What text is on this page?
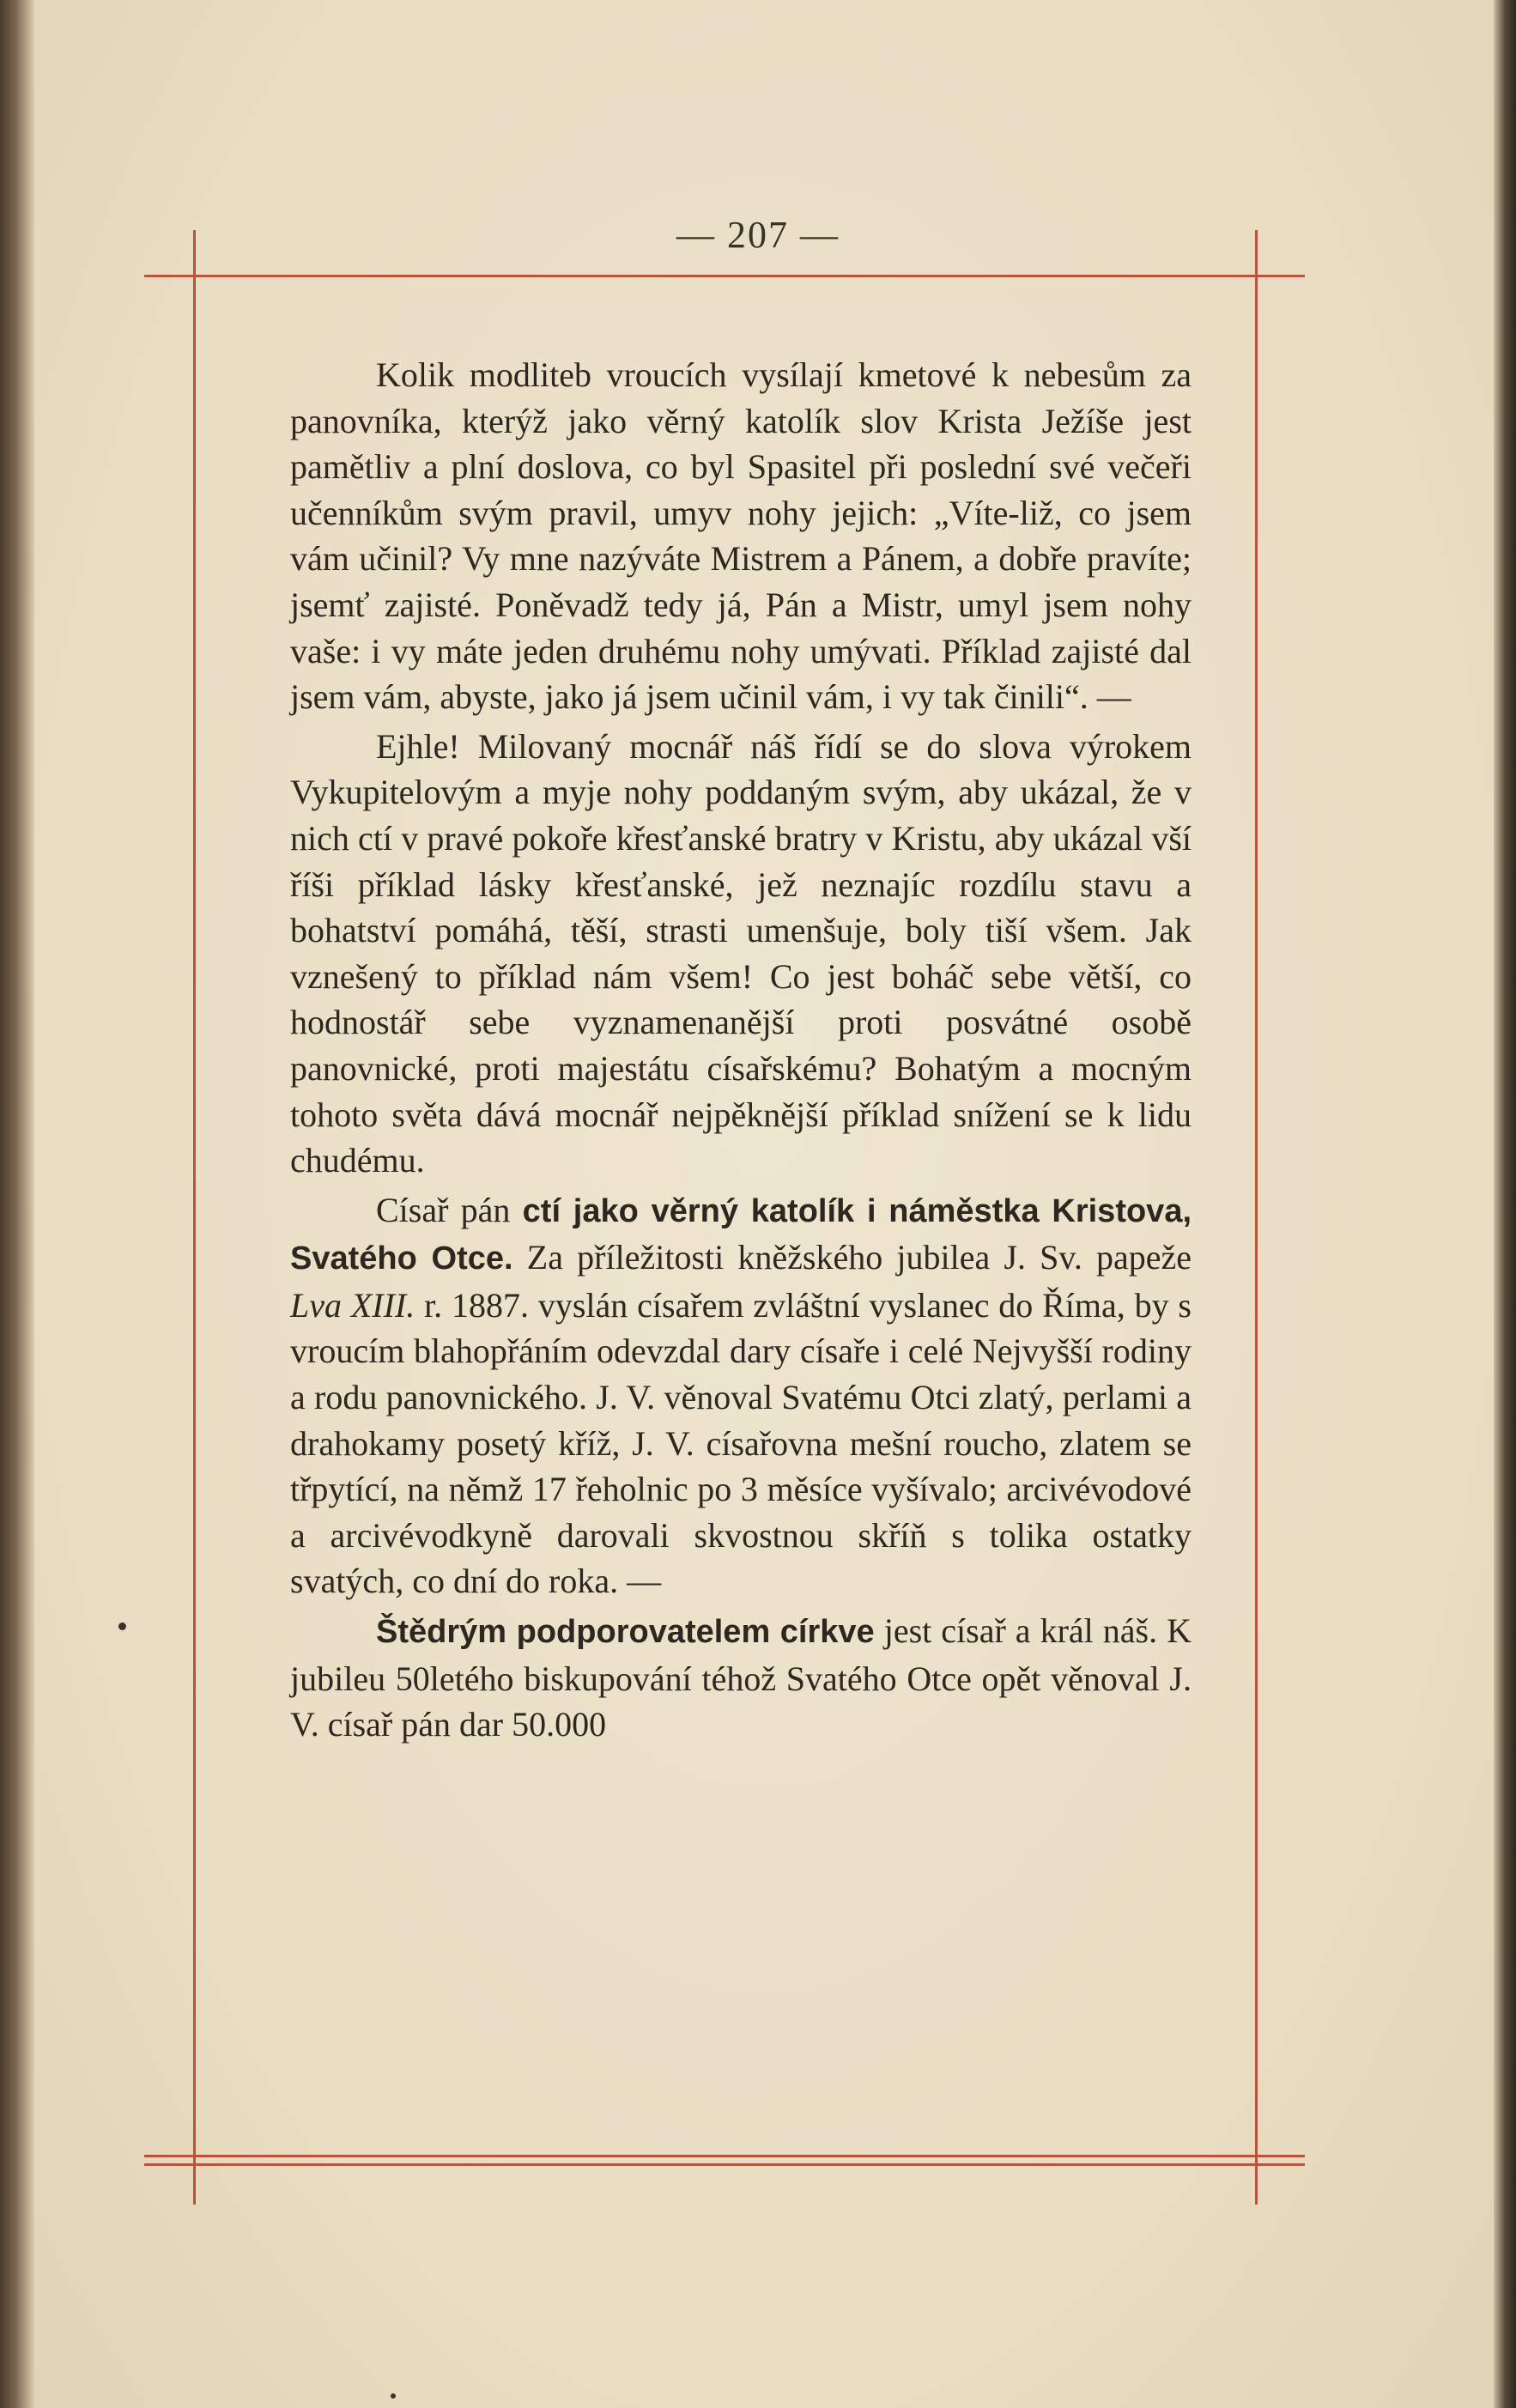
— 207 —

Kolik modliteb vroucích vysílají kmetové k nebesům za panovníka, kterýž jako věrný katolík slov Krista Ježíše jest pamětliv a plní doslova, co byl Spasitel při poslední své večeři učenníkům svým pravil, umyv nohy jejich: „Víte-liž, co jsem vám učinil? Vy mne nazýváte Mistrem a Pánem, a dobře pravíte; jsemť zajisté. Poněvadž tedy já, Pán a Mistr, umyl jsem nohy vaše: i vy máte jeden druhému nohy umývati. Příklad zajisté dal jsem vám, abyste, jako já jsem učinil vám, i vy tak činili“. —

Ejhle! Milovaný mocnář náš řídí se do slova výrokem Vykupitelovým a myje nohy poddaným svým, aby ukázal, že v nich ctí v pravé pokoře křesťanské bratry v Kristu, aby ukázal vší říši příklad lásky křesťanské, jež neznajíc rozdílu stavu a bohatství pomáhá, těší, strasti umenšuje, boly tiší všem. Jak vznešený to příklad nám všem! Co jest boháč sebe větší, co hodnostář sebe vyznamenanější proti posvátné osobě panovnické, proti majestátu císařskému? Bohatým a mocným tohoto světa dává mocnář nejpěknější příklad snížení se k lidu chudému.

Císař pán ctí jako věrný katolík i náměstka Kristova, Svatého Otce. Za příležitosti kněžského jubilea J. Sv. papeže Lva XIII. r. 1887. vyslán císařem zvláštní vyslanec do Říma, by s vroucím blahopřáním odevzdal dary císaře i celé Nejvyšší rodiny a rodu panovnického. J. V. věnoval Svatému Otci zlatý, perlami a drahokamy posetý kříž, J. V. císařovna mešní roucho, zlatem se třpytící, na němž 17 řeholnic po 3 měsíce vyšívalo; arcivévodové a arcivévodkyně darovali skvostnou skříň s tolika ostatky svatých, co dní do roka. —

Štědrým podporovatelem církve jest císař a král náš. K jubileu 50letého biskupování téhož Svatého Otce opět věnoval J. V. císař pán dar 50.000
